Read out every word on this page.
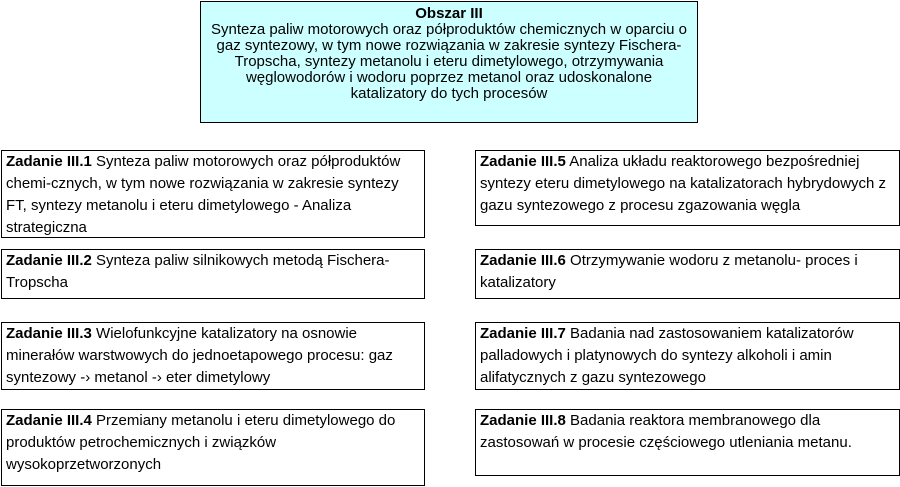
Obszar III
Synteza paliw motorowych oraz półproduktów chemicznych w oparciu o gaz syntezowy, w tym nowe rozwiązania w zakresie syntezy Fischera-Tropscha, syntezy metanolu i eteru dimetylowego, otrzymywania węglowodorów i wodoru poprzez metanol oraz udoskonalone katalizatory do tych procesów
Zadanie III.1 Synteza paliw motorowych oraz półproduktów chemi-cznych, w tym nowe rozwiązania w zakresie syntezy FT, syntezy metanolu i eteru dimetylowego - Analiza strategiczna
Zadanie III.2 Synteza paliw silnikowych metodą Fischera-Tropscha
Zadanie III.3 Wielofunkcyjne katalizatory na osnowie minerałów warstwowych do jednoetapowego procesu: gaz syntezowy -› metanol -› eter dimetylowy
Zadanie III.4 Przemiany metanolu i eteru dimetylowego do produktów petrochemicznych i związków wysokoprzetworzonych
Zadanie III.5 Analiza układu reaktorowego bezpośredniej syntezy eteru dimetylowego na katalizatorach hybrydowych z gazu syntezowego z procesu zgazowania węgla
Zadanie III.6 Otrzymywanie wodoru z metanolu- proces i katalizatory
Zadanie III.7 Badania nad zastosowaniem katalizatorów palladowych i platynowych do syntezy alkoholi i amin alifatycznych z gazu syntezowego
Zadanie III.8 Badania reaktora membranowego dla zastosowań w procesie częściowego utleniania metanu.
